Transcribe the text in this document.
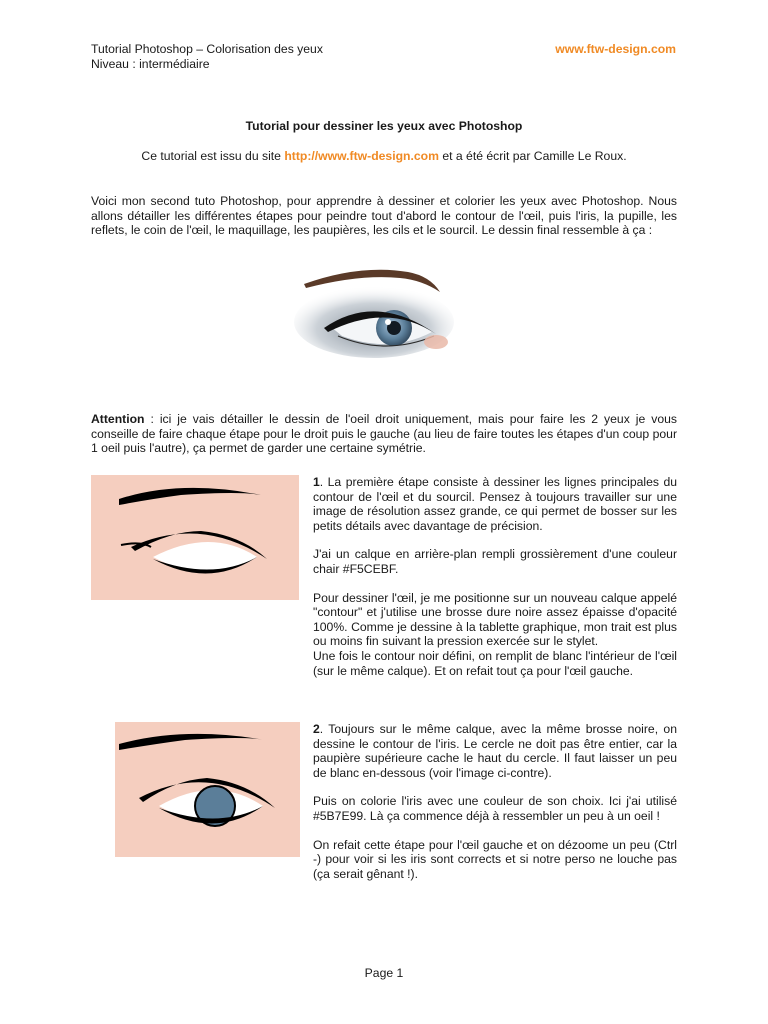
Tutorial Photoshop – Colorisation des yeux
Niveau : intermédiaire
www.ftw-design.com
Tutorial pour dessiner les yeux avec Photoshop
Ce tutorial est issu du site http://www.ftw-design.com et a été écrit par Camille Le Roux.
Voici mon second tuto Photoshop, pour apprendre à dessiner et colorier les yeux avec Photoshop. Nous allons détailler les différentes étapes pour peindre tout d'abord le contour de l'œil, puis l'iris, la pupille, les reflets, le coin de l'œil, le maquillage, les paupières, les cils et le sourcil. Le dessin final ressemble à ça :
Attention : ici je vais détailler le dessin de l'oeil droit uniquement, mais pour faire les 2 yeux je vous conseille de faire chaque étape pour le droit puis le gauche (au lieu de faire toutes les étapes d'un coup pour 1 oeil puis l'autre), ça permet de garder une certaine symétrie.
1. La première étape consiste à dessiner les lignes principales du contour de l'œil et du sourcil. Pensez à toujours travailler sur une image de résolution assez grande, ce qui permet de bosser sur les petits détails avec davantage de précision.
J'ai un calque en arrière-plan rempli grossièrement d'une couleur chair #F5CEBF.
Pour dessiner l'œil, je me positionne sur un nouveau calque appelé "contour" et j'utilise une brosse dure noire assez épaisse d'opacité 100%. Comme je dessine à la tablette graphique, mon trait est plus ou moins fin suivant la pression exercée sur le stylet.
Une fois le contour noir défini, on remplit de blanc l'intérieur de l'œil (sur le même calque). Et on refait tout ça pour l'œil gauche.
2. Toujours sur le même calque, avec la même brosse noire, on dessine le contour de l'iris. Le cercle ne doit pas être entier, car la paupière supérieure cache le haut du cercle. Il faut laisser un peu de blanc en-dessous (voir l'image ci-contre).
Puis on colorie l'iris avec une couleur de son choix. Ici j'ai utilisé #5B7E99. Là ça commence déjà à ressembler un peu à un oeil !
On refait cette étape pour l'œil gauche et on dézoome un peu (Ctrl -) pour voir si les iris sont corrects et si notre perso ne louche pas (ça serait gênant !).
Page 1
